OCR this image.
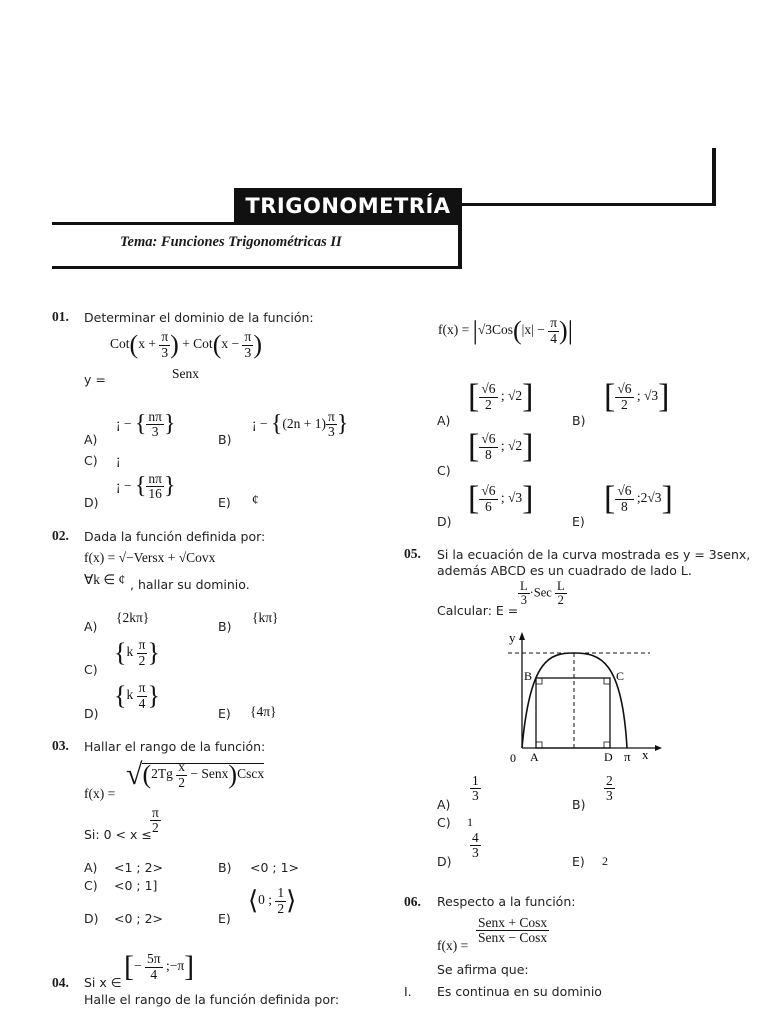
TRIGONOMETRÍA
Tema: Funciones Trigonométricas II
01. Determinar el dominio de la función:
$Cot(x + \frac{\pi}{3}$ ) + $Cot(x - \frac{\pi}{3}$ )
Senx
y =
A)
¡ − { $\frac{n\pi}{3}$ }
B)
¡ − {$(2n + 1) \frac{\pi}{3}$ }
C) ¡
D)
¡ − { $\frac{n\pi}{16}$ }
E) ¢
02. Dada la función definida por:
f(x) = √−Versx + √Covx
∀k ∈ ¢ , hallar su dominio.
A)
{2kπ}
B)
{kπ}
C)
{$k \frac{\pi}{2}$ }
D)
{$k \frac{\pi}{4}$ }
E) {4π}
03. Hallar el rango de la función:
f(x) =
$√(2Tg \frac{x}{2}$ − Senx)Cscx
Si: 0 < x ≤
$\frac{\pi}{2}$
A) <1 ; 2>	B) <0 ; 1>
C) <0 ; 1]
D) <0 ; 2>	E)
⟨0 ; $\frac{1}{2}$ ⟩
04. Si x ∈ [− $\frac{5\pi}{4}$ ;−π]
Halle el rango de la función definida por:
$f(x) = |√3Cos(|x| - \frac{\pi}{4}$ )|
A)
[ $\frac{√6}{2}$ ; √2]
B)
[ $\frac{√6}{2}$ ; √3]
C)
[ $\frac{√6}{8}$ ; √2]
D)
[ $\frac{√6}{6}$ ; √3]
E)
[ $\frac{√6}{8}$ ;2√3]
05. Si la ecuación de la curva mostrada es y = 3senx,
además ABCD es un cuadrado de lado L.
Calcular: E =
$\frac{L}{3} \cdot Sec \frac{L}{2}$
y
x
0 A
B	C
D π
A)
$\frac{1}{3}$
B)
$\frac{2}{3}$
C) 1
D)
$\frac{4}{3}$
E) 2
06. Respecto a la función:
f(x) =
$\frac{\text{Senx + Cosx}}{\text{Senx − Cosx}}$
Se afirma que:
I. Es continua en su dominio
